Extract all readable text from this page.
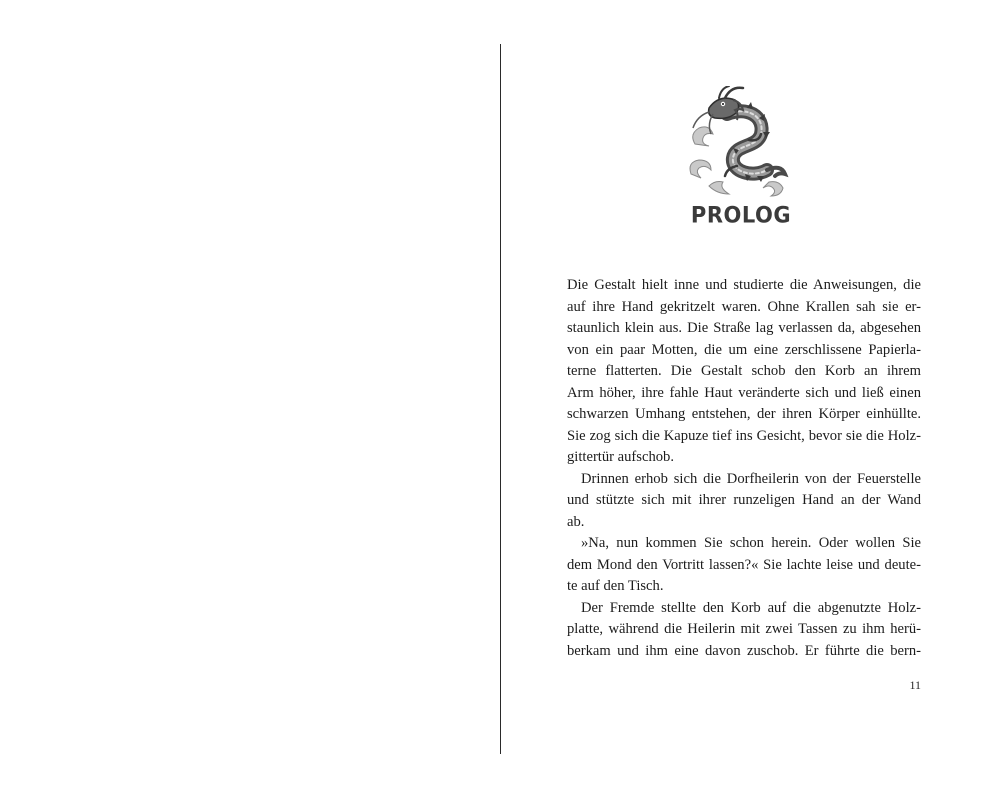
PROLOG
Die Gestalt hielt inne und studierte die Anweisungen, die
auf ihre Hand gekritzelt waren. Ohne Krallen sah sie er-
staunlich klein aus. Die Straße lag verlassen da, abgesehen
von ein paar Motten, die um eine zerschlissene Papierla-
terne flatterten. Die Gestalt schob den Korb an ihrem
Arm höher, ihre fahle Haut veränderte sich und ließ einen
schwarzen Umhang entstehen, der ihren Körper einhüllte.
Sie zog sich die Kapuze tief ins Gesicht, bevor sie die Holz-
gittertür aufschob.
Drinnen erhob sich die Dorfheilerin von der Feuerstelle
und stützte sich mit ihrer runzeligen Hand an der Wand
ab.
»Na, nun kommen Sie schon herein. Oder wollen Sie
dem Mond den Vortritt lassen?« Sie lachte leise und deute-
te auf den Tisch.
Der Fremde stellte den Korb auf die abgenutzte Holz-
platte, während die Heilerin mit zwei Tassen zu ihm herü-
berkam und ihm eine davon zuschob. Er führte die bern-
11
